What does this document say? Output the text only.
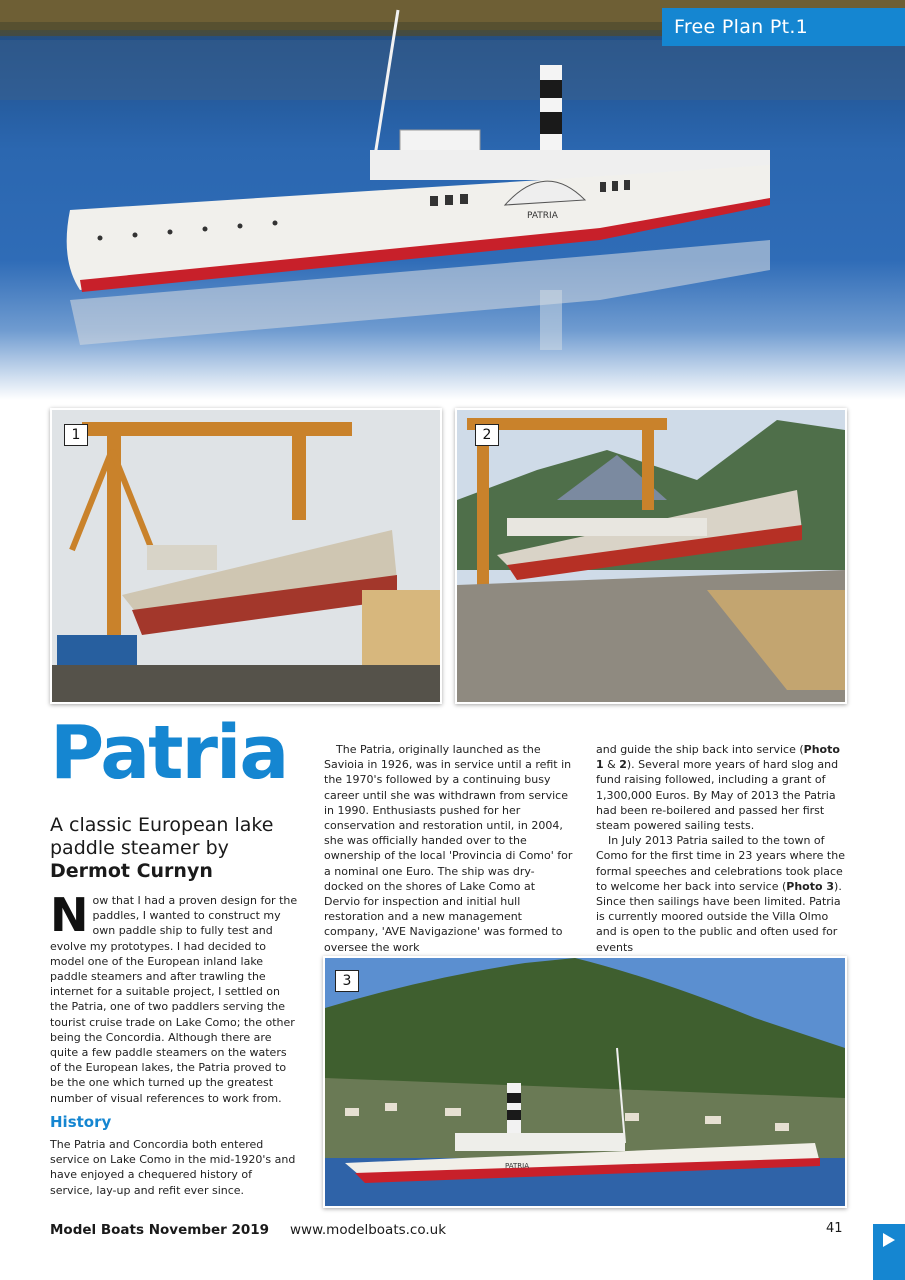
PATRIA
Free Plan Pt.1
1	2
Patria
A classic European lake paddle steamer by
Dermot Curnyn

Now that I had a proven design for the paddles, I wanted to construct my own paddle ship to fully test and evolve my prototypes. I had decided to model one of the European inland lake paddle steamers and after trawling the internet for a suitable project, I settled on the Patria, one of two paddlers serving the tourist cruise trade on Lake Como; the other being the Concordia. Although there are quite a few paddle steamers on the waters of the European lakes, the Patria proved to be the one which turned up the greatest number of visual references to work from.

History

The Patria and Concordia both entered service on Lake Como in the mid-1920's and have enjoyed a chequered history of service, lay-up and refit ever since.

The Patria, originally launched as the Savioia in 1926, was in service until a refit in the 1970's followed by a continuing busy career until she was withdrawn from service in 1990. Enthusiasts pushed for her conservation and restoration until, in 2004, she was officially handed over to the ownership of the local 'Provincia di Como' for a nominal one Euro. The ship was dry-docked on the shores of Lake Como at Dervio for inspection and initial hull restoration and a new management company, 'AVE Navigazione' was formed to oversee the work

and guide the ship back into service (Photo 1 & 2). Several more years of hard slog and fund raising followed, including a grant of 1,300,000 Euros. By May of 2013 the Patria had been re-boilered and passed her first steam powered sailing tests.

In July 2013 Patria sailed to the town of Como for the first time in 23 years where the formal speeches and celebrations took place to welcome her back into service (Photo 3). Since then sailings have been limited. Patria is currently moored outside the Villa Olmo and is open to the public and often used for events

PATRIA
3
Model Boats November 2019 www.modelboats.co.uk	41
